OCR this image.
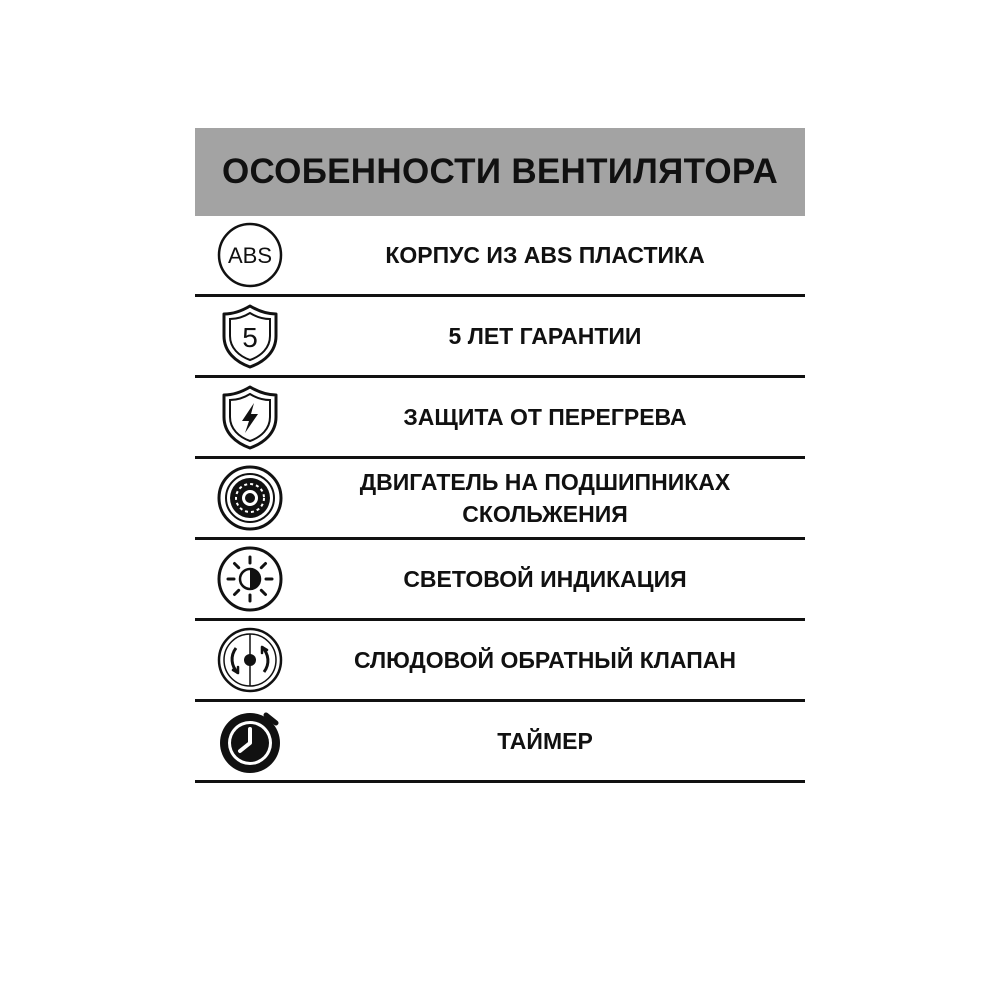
ОСОБЕННОСТИ ВЕНТИЛЯТОРА
ABS	КОРПУС ИЗ ABS ПЛАСТИКА
5	5 ЛЕТ ГАРАНТИИ
ЗАЩИТА ОТ ПЕРЕГРЕВА
ДВИГАТЕЛЬ НА ПОДШИПНИКАХ
СКОЛЬЖЕНИЯ
СВЕТОВОЙ ИНДИКАЦИЯ
СЛЮДОВОЙ ОБРАТНЫЙ КЛАПАН
ТАЙМЕР
